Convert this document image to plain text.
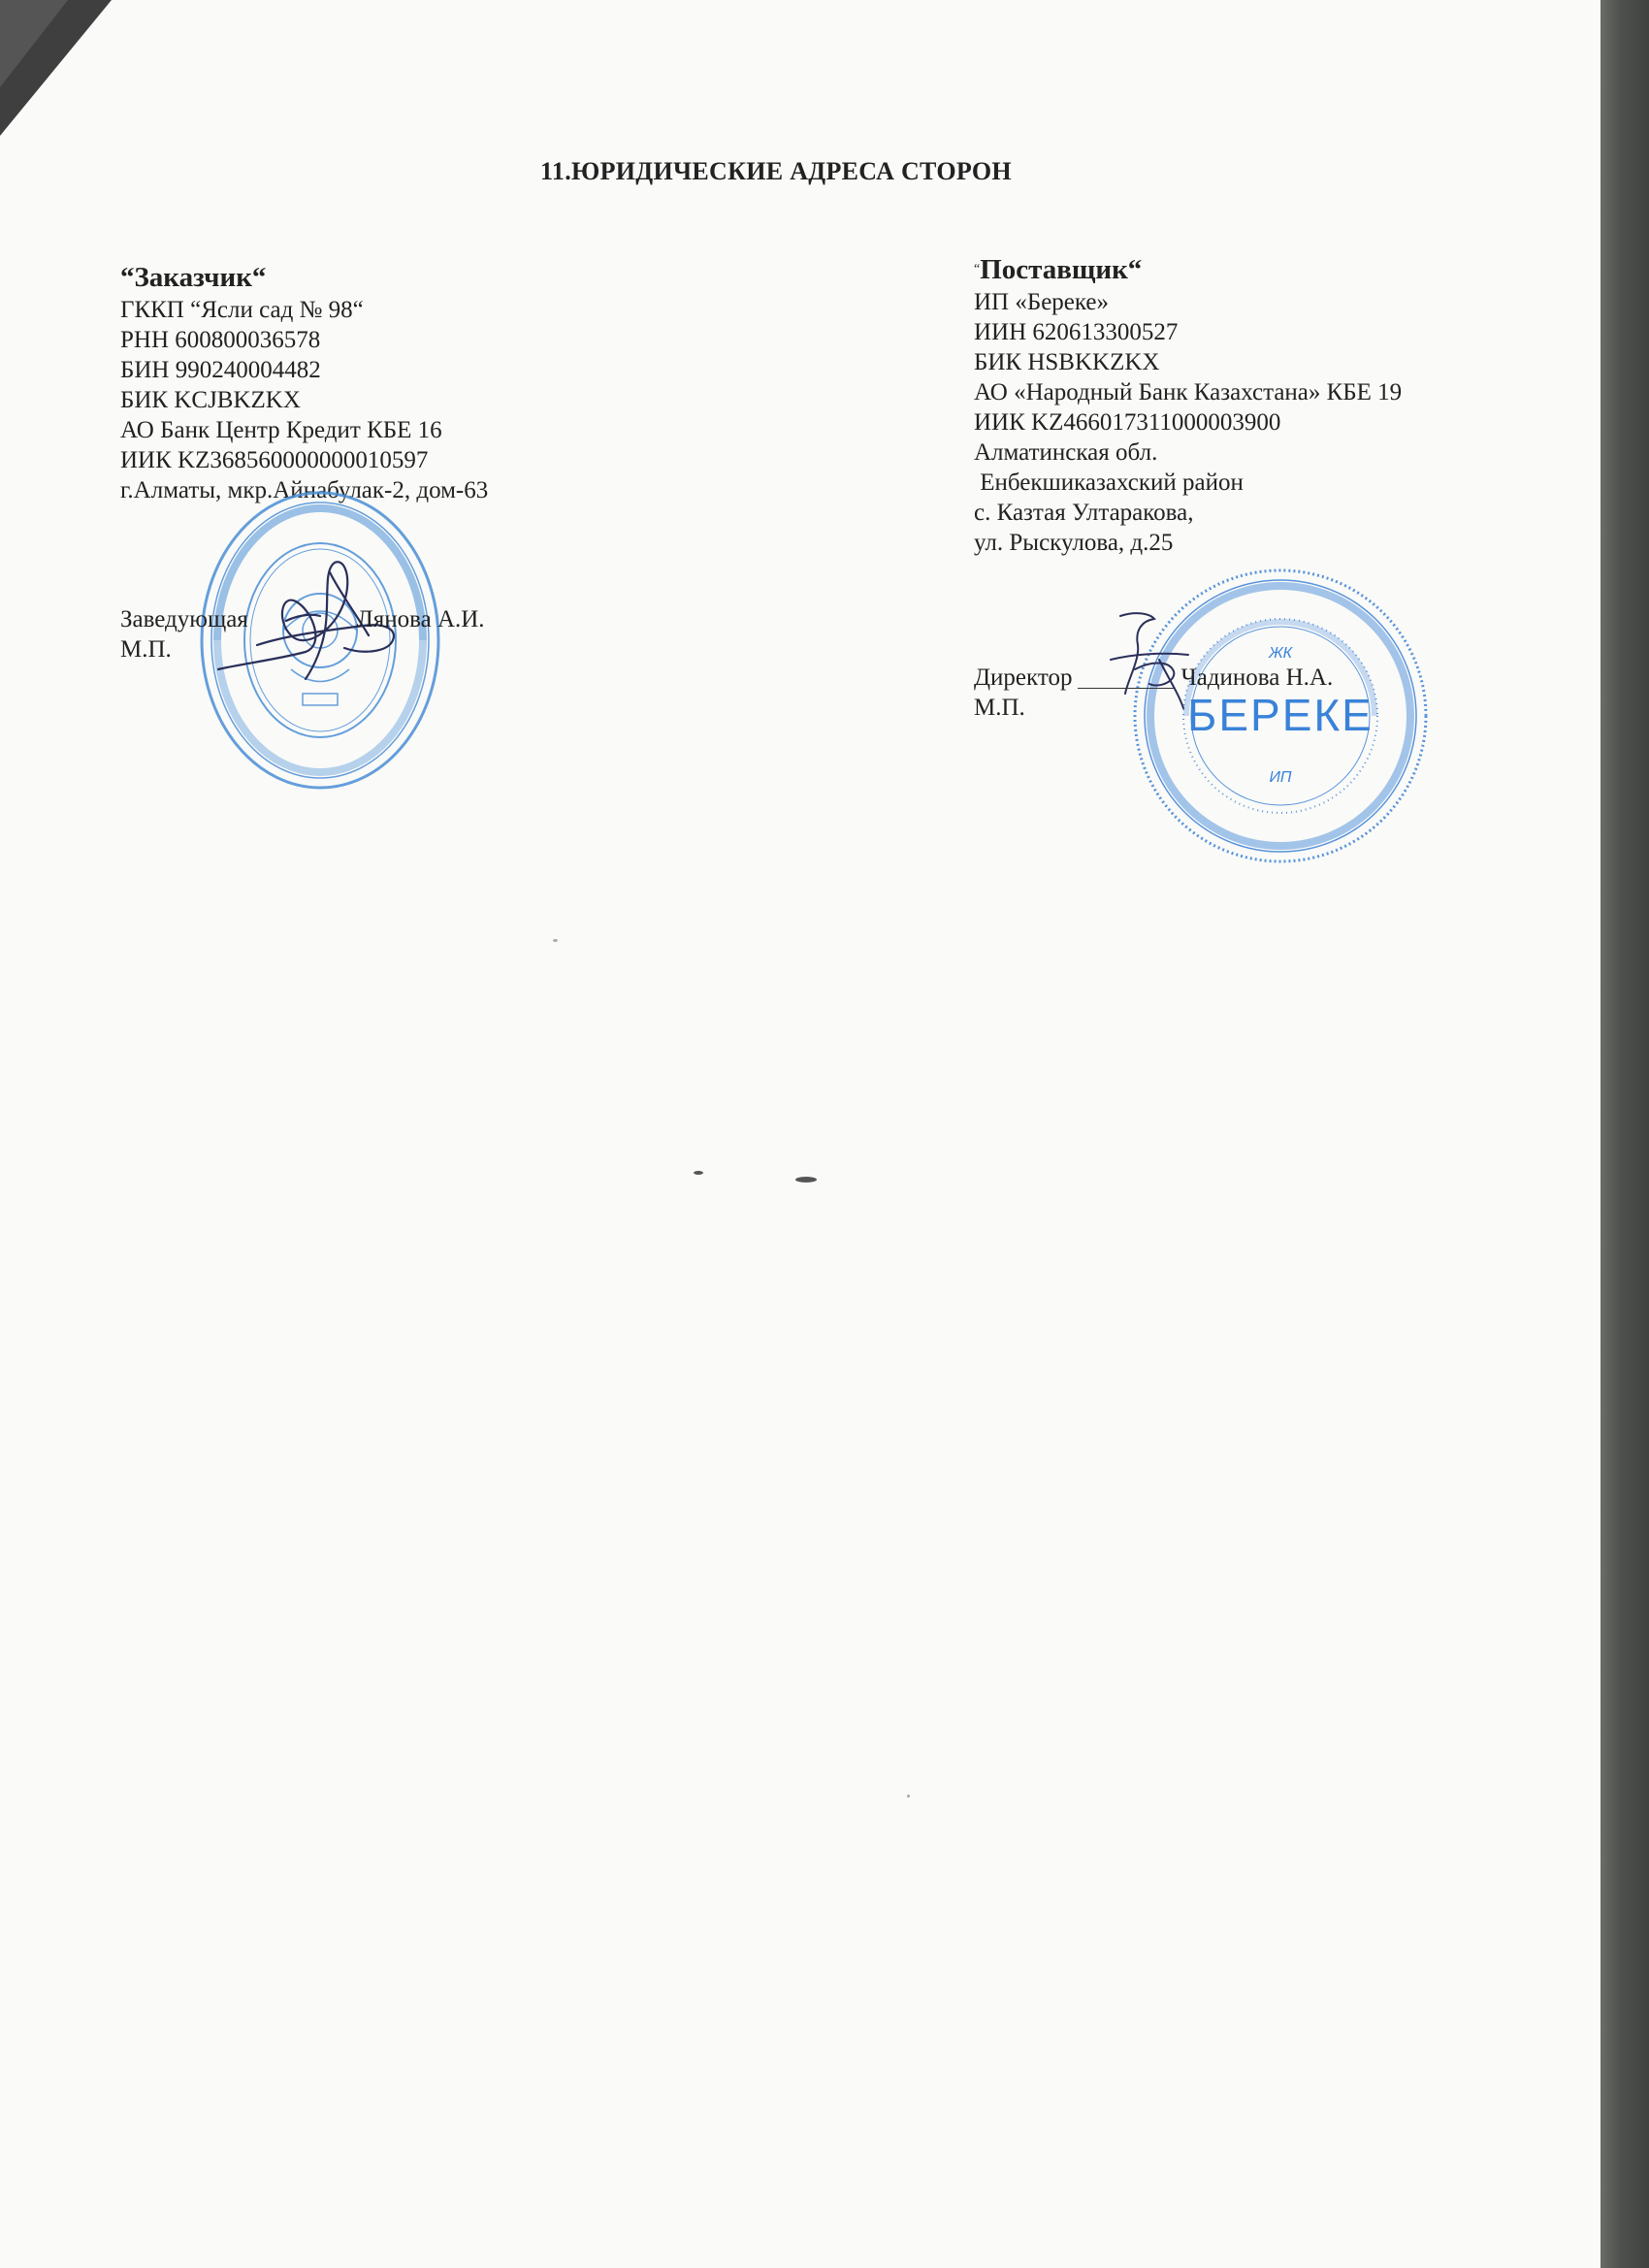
11.ЮРИДИЧЕСКИЕ АДРЕСА СТОРОН
“Заказчик“
ГККП “Ясли сад № 98“
РНН 600800036578
БИН 990240004482
БИК KCJBKZKX
АО Банк Центр Кредит КБЕ 16
ИИК KZ368560000000010597
г.Алматы, мкр.Айнабулак-2, дом-63
“Поставщик“
ИП «Береке»
ИИН 620613300527
БИК HSBKKZKX
АО «Народный Банк Казахстана» КБЕ 19
ИИК KZ466017311000003900
Алматинская обл.
Енбекшиказахский район
с. Казтая Ултаракова,
ул. Рыскулова, д.25
ЖК
БЕРЕКЕ
ИП
Заведующая	Лянова А.И.
М.П.
Директор	Чадинова Н.А.
М.П.
